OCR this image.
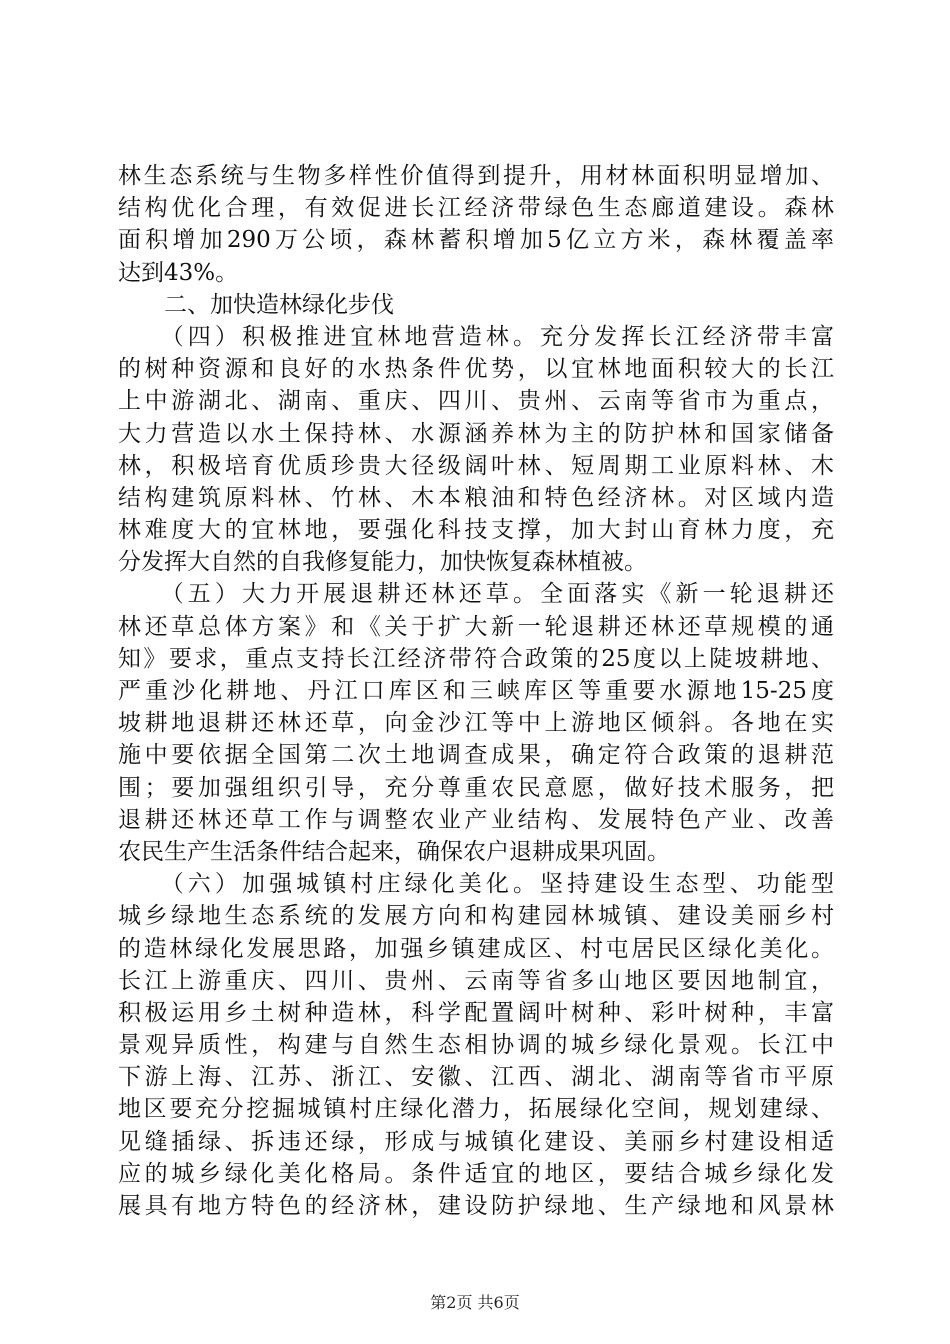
林生态系统与生物多样性价值得到提升，用材林面积明显增加、
结构优化合理，有效促进长江经济带绿色生态廊道建设。森林
面积增加290万公顷，森林蓄积增加5亿立方米，森林覆盖率
达到43%。
　　二、加快造林绿化步伐
　　（四）积极推进宜林地营造林。充分发挥长江经济带丰富
的树种资源和良好的水热条件优势，以宜林地面积较大的长江
上中游湖北、湖南、重庆、四川、贵州、云南等省市为重点，
大力营造以水土保持林、水源涵养林为主的防护林和国家储备
林，积极培育优质珍贵大径级阔叶林、短周期工业原料林、木
结构建筑原料林、竹林、木本粮油和特色经济林。对区域内造
林难度大的宜林地，要强化科技支撑，加大封山育林力度，充
分发挥大自然的自我修复能力，加快恢复森林植被。
　　（五）大力开展退耕还林还草。全面落实《新一轮退耕还
林还草总体方案》和《关于扩大新一轮退耕还林还草规模的通
知》要求，重点支持长江经济带符合政策的25度以上陡坡耕地、
严重沙化耕地、丹江口库区和三峡库区等重要水源地15-25度
坡耕地退耕还林还草，向金沙江等中上游地区倾斜。各地在实
施中要依据全国第二次土地调查成果，确定符合政策的退耕范
围；要加强组织引导，充分尊重农民意愿，做好技术服务，把
退耕还林还草工作与调整农业产业结构、发展特色产业、改善
农民生产生活条件结合起来，确保农户退耕成果巩固。
　　（六）加强城镇村庄绿化美化。坚持建设生态型、功能型
城乡绿地生态系统的发展方向和构建园林城镇、建设美丽乡村
的造林绿化发展思路，加强乡镇建成区、村屯居民区绿化美化。
长江上游重庆、四川、贵州、云南等省多山地区要因地制宜，
积极运用乡土树种造林，科学配置阔叶树种、彩叶树种，丰富
景观异质性，构建与自然生态相协调的城乡绿化景观。长江中
下游上海、江苏、浙江、安徽、江西、湖北、湖南等省市平原
地区要充分挖掘城镇村庄绿化潜力，拓展绿化空间，规划建绿、
见缝插绿、拆违还绿，形成与城镇化建设、美丽乡村建设相适
应的城乡绿化美化格局。条件适宜的地区，要结合城乡绿化发
展具有地方特色的经济林，建设防护绿地、生产绿地和风景林
第2页 共6页
